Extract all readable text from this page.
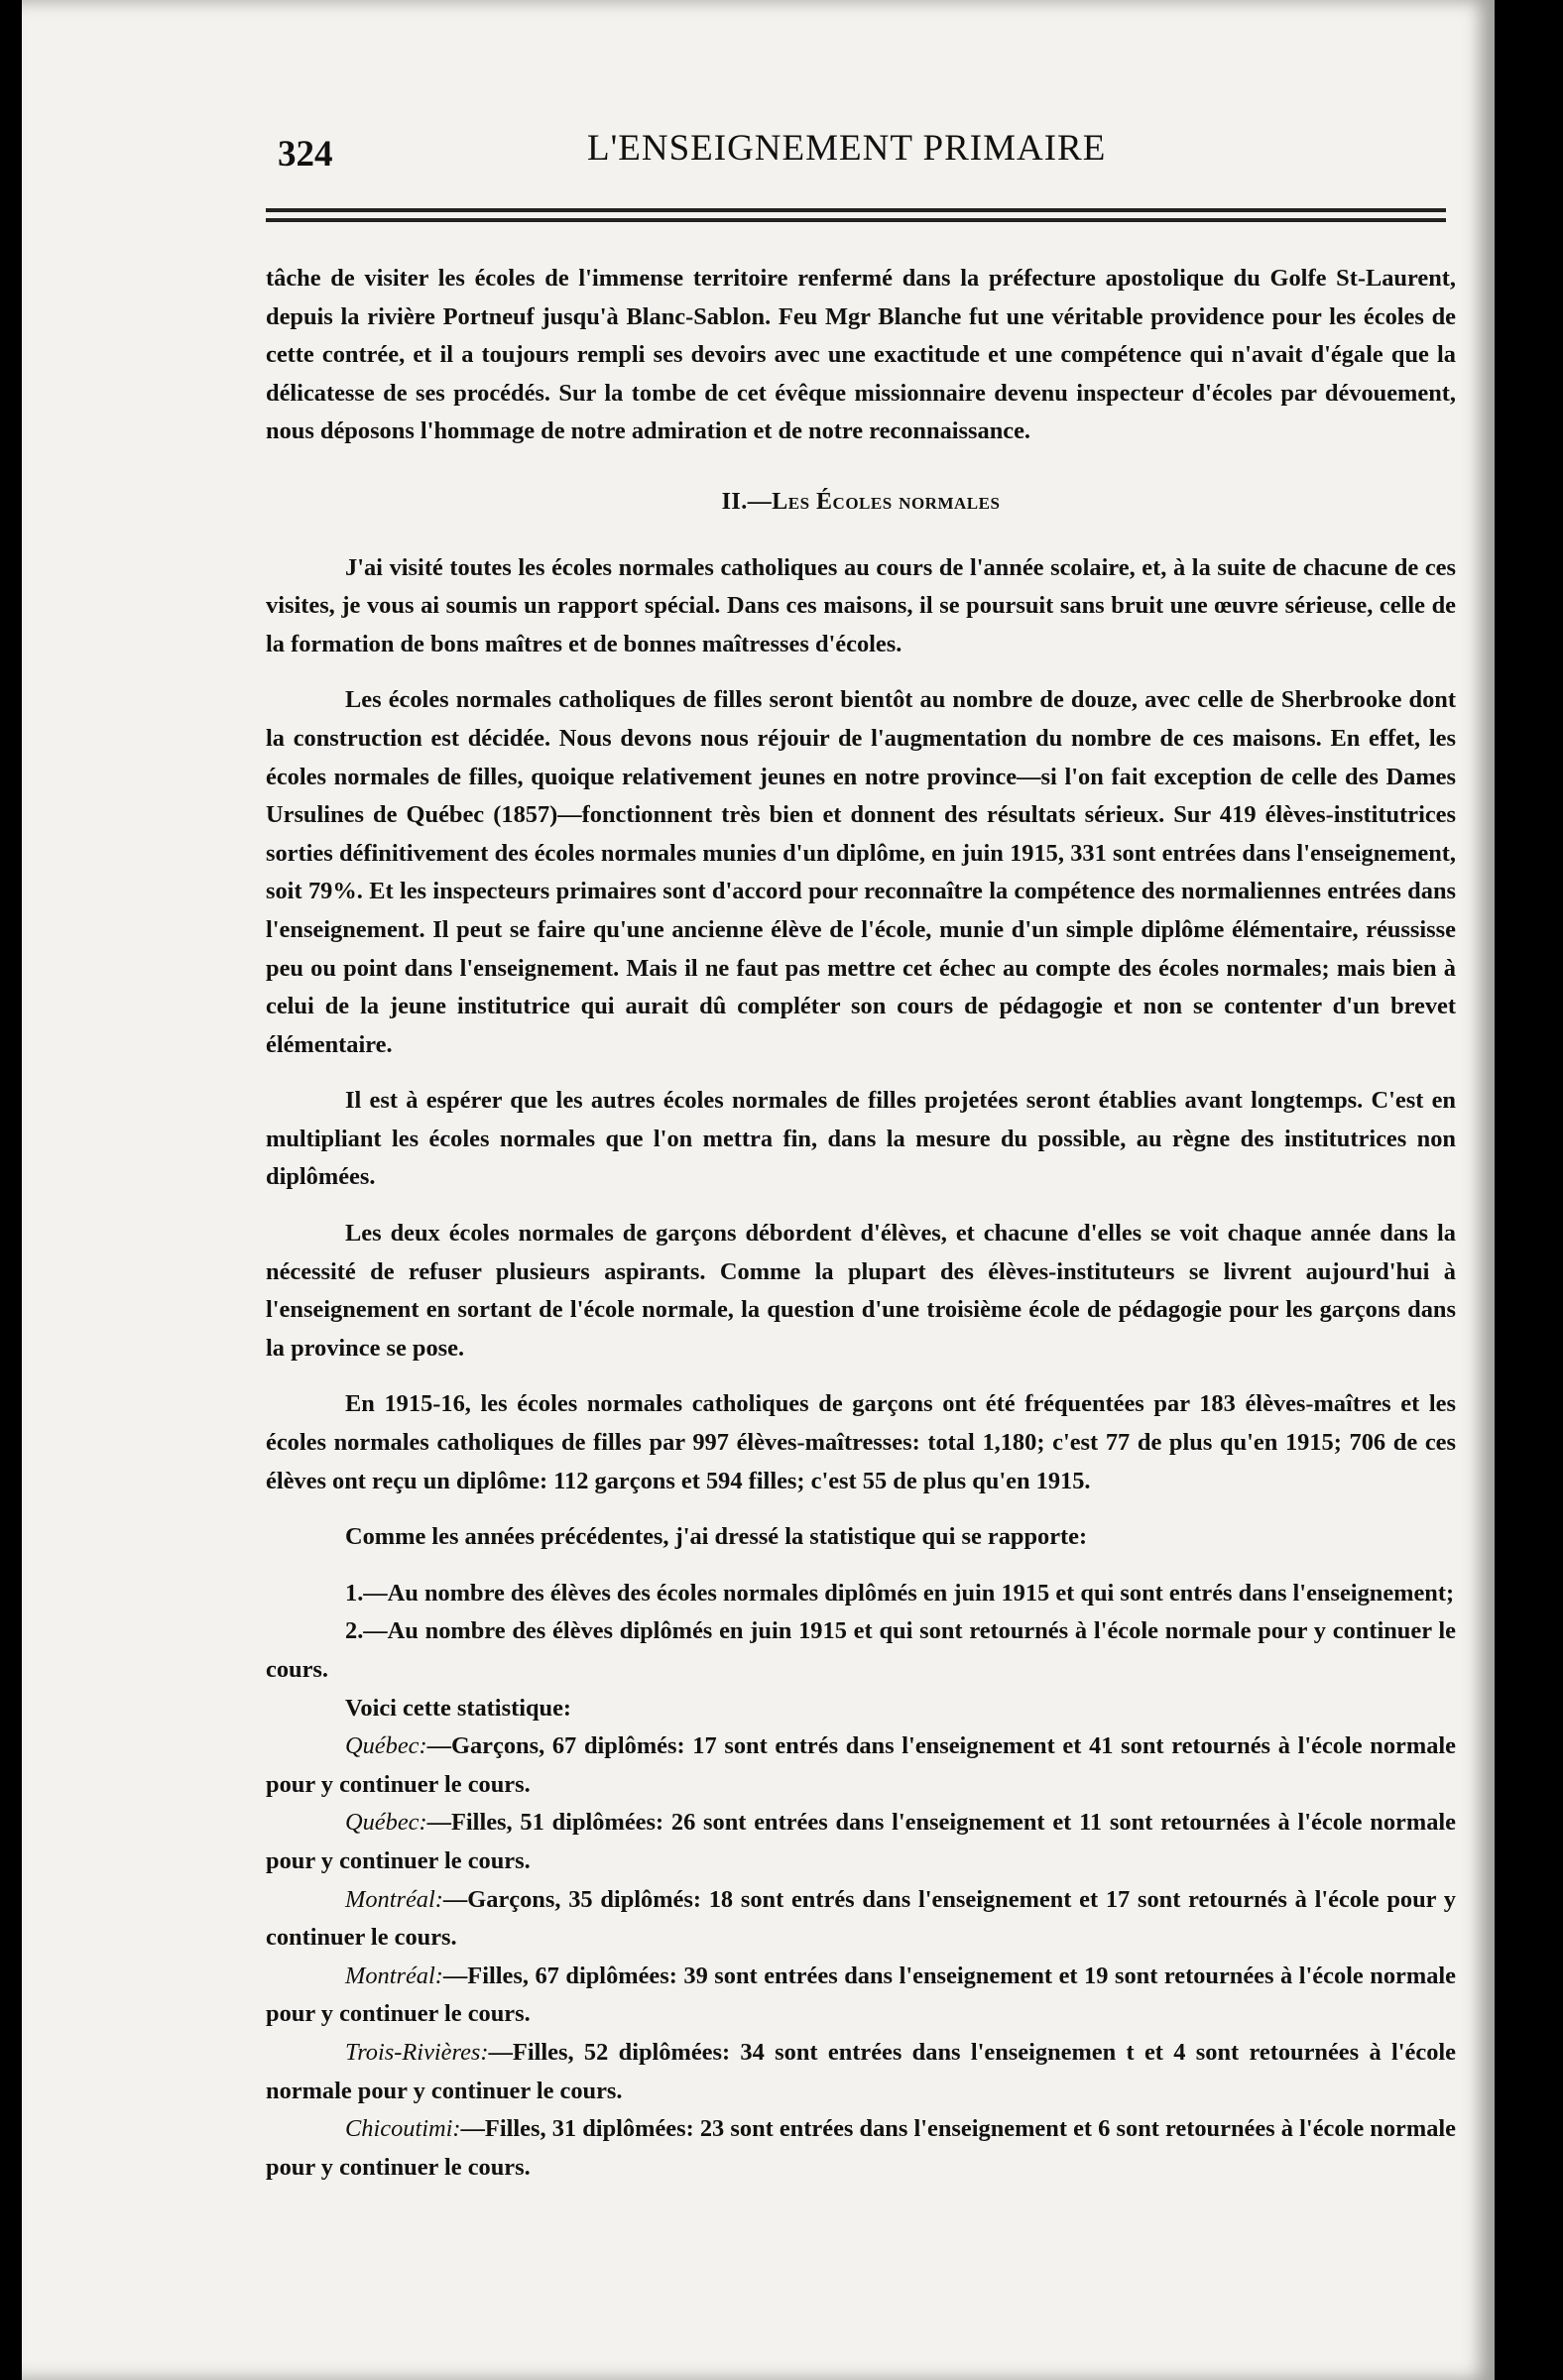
324	L'ENSEIGNEMENT PRIMAIRE

tâche de visiter les écoles de l'immense territoire renfermé dans la préfecture apostolique du Golfe St-Laurent, depuis la rivière Portneuf jusqu'à Blanc-Sablon. Feu Mgr Blanche fut une véritable providence pour les écoles de cette contrée, et il a toujours rempli ses devoirs avec une exactitude et une compétence qui n'avait d'égale que la délicatesse de ses procédés. Sur la tombe de cet évêque missionnaire devenu inspecteur d'écoles par dévouement, nous déposons l'hommage de notre admiration et de notre reconnaissance.

II.—Les Écoles normales

J'ai visité toutes les écoles normales catholiques au cours de l'année scolaire, et, à la suite de chacune de ces visites, je vous ai soumis un rapport spécial. Dans ces maisons, il se poursuit sans bruit une œuvre sérieuse, celle de la formation de bons maîtres et de bonnes maîtresses d'écoles.

Les écoles normales catholiques de filles seront bientôt au nombre de douze, avec celle de Sherbrooke dont la construction est décidée. Nous devons nous réjouir de l'augmentation du nombre de ces maisons. En effet, les écoles normales de filles, quoique relativement jeunes en notre province—si l'on fait exception de celle des Dames Ursulines de Québec (1857)—fonctionnent très bien et donnent des résultats sérieux. Sur 419 élèves-institutrices sorties définitivement des écoles normales munies d'un diplôme, en juin 1915, 331 sont entrées dans l'enseignement, soit 79%. Et les inspecteurs primaires sont d'accord pour reconnaître la compétence des normaliennes entrées dans l'enseignement. Il peut se faire qu'une ancienne élève de l'école, munie d'un simple diplôme élémentaire, réussisse peu ou point dans l'enseignement. Mais il ne faut pas mettre cet échec au compte des écoles normales; mais bien à celui de la jeune institutrice qui aurait dû compléter son cours de pédagogie et non se contenter d'un brevet élémentaire.

Il est à espérer que les autres écoles normales de filles projetées seront établies avant longtemps. C'est en multipliant les écoles normales que l'on mettra fin, dans la mesure du possible, au règne des institutrices non diplômées.

Les deux écoles normales de garçons débordent d'élèves, et chacune d'elles se voit chaque année dans la nécessité de refuser plusieurs aspirants. Comme la plupart des élèves-instituteurs se livrent aujourd'hui à l'enseignement en sortant de l'école normale, la question d'une troisième école de pédagogie pour les garçons dans la province se pose.

En 1915-16, les écoles normales catholiques de garçons ont été fréquentées par 183 élèves-maîtres et les écoles normales catholiques de filles par 997 élèves-maîtresses: total 1,180; c'est 77 de plus qu'en 1915; 706 de ces élèves ont reçu un diplôme: 112 garçons et 594 filles; c'est 55 de plus qu'en 1915.

Comme les années précédentes, j'ai dressé la statistique qui se rapporte:

1.—Au nombre des élèves des écoles normales diplômés en juin 1915 et qui sont entrés dans l'enseignement;

2.—Au nombre des élèves diplômés en juin 1915 et qui sont retournés à l'école normale pour y continuer le cours.

Voici cette statistique:

Québec:—Garçons, 67 diplômés: 17 sont entrés dans l'enseignement et 41 sont retournés à l'école normale pour y continuer le cours.

Québec:—Filles, 51 diplômées: 26 sont entrées dans l'enseignement et 11 sont retournées à l'école normale pour y continuer le cours.

Montréal:—Garçons, 35 diplômés: 18 sont entrés dans l'enseignement et 17 sont retournés à l'école pour y continuer le cours.

Montréal:—Filles, 67 diplômées: 39 sont entrées dans l'enseignement et 19 sont retournées à l'école normale pour y continuer le cours.

Trois-Rivières:—Filles, 52 diplômées: 34 sont entrées dans l'enseignemen t et 4 sont retournées à l'école normale pour y continuer le cours.

Chicoutimi:—Filles, 31 diplômées: 23 sont entrées dans l'enseignement et 6 sont retournées à l'école normale pour y continuer le cours.
